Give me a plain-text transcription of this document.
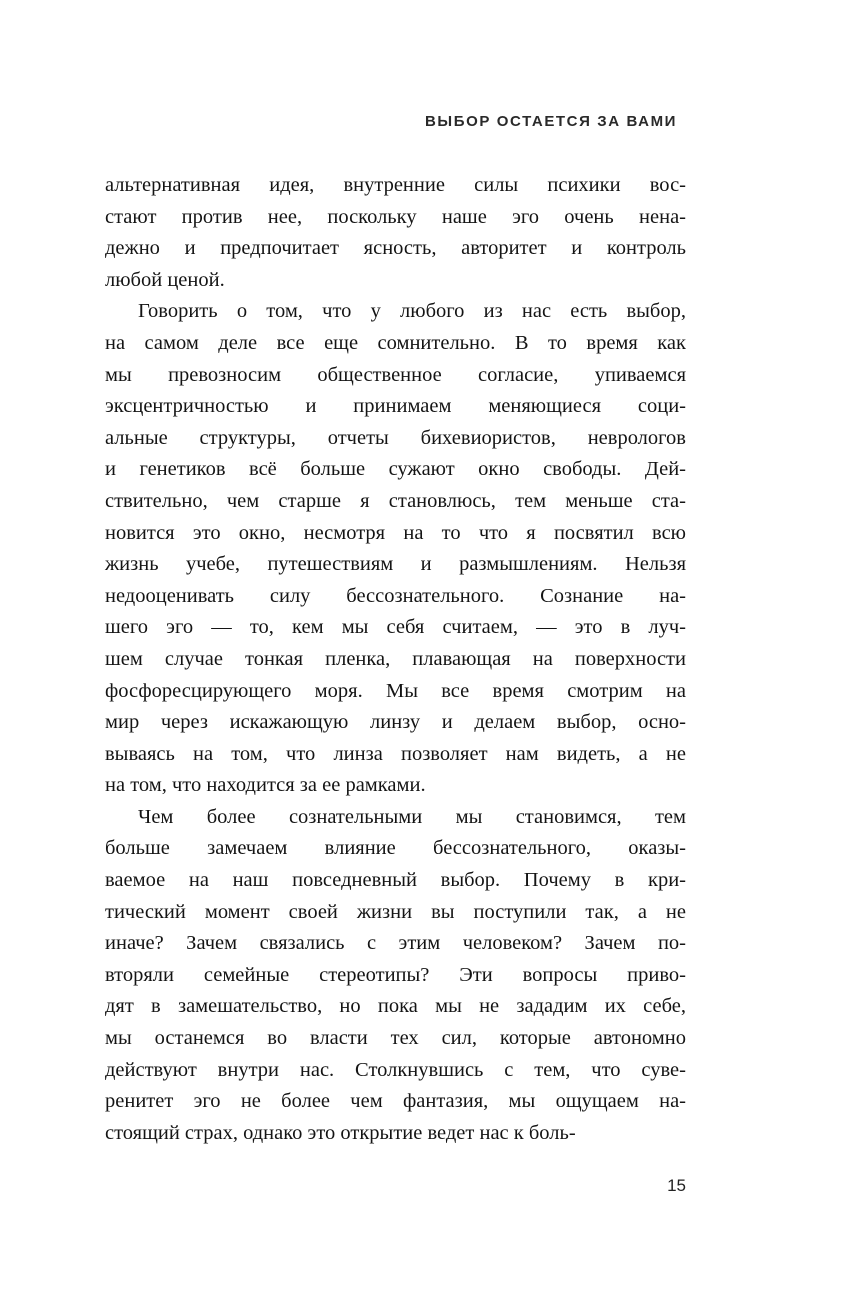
ВЫБОР ОСТАЕТСЯ ЗА ВАМИ
альтернативная идея, внутренние силы психики вос-
стают против нее, поскольку наше эго очень нена-
дежно и предпочитает ясность, авторитет и контроль
любой ценой.
Говорить о том, что у любого из нас есть выбор,
на самом деле все еще сомнительно. В то время как
мы превозносим общественное согласие, упиваемся
эксцентричностью и принимаем меняющиеся соци-
альные структуры, отчеты бихевиористов, неврологов
и генетиков всё больше сужают окно свободы. Дей-
ствительно, чем старше я становлюсь, тем меньше ста-
новится это окно, несмотря на то что я посвятил всю
жизнь учебе, путешествиям и размышлениям. Нельзя
недооценивать силу бессознательного. Сознание на-
шего эго — то, кем мы себя считаем, — это в луч-
шем случае тонкая пленка, плавающая на поверхности
фосфоресцирующего моря. Мы все время смотрим на
мир через искажающую линзу и делаем выбор, осно-
вываясь на том, что линза позволяет нам видеть, а не
на том, что находится за ее рамками.
Чем более сознательными мы становимся, тем
больше замечаем влияние бессознательного, оказы-
ваемое на наш повседневный выбор. Почему в кри-
тический момент своей жизни вы поступили так, а не
иначе? Зачем связались с этим человеком? Зачем по-
вторяли семейные стереотипы? Эти вопросы приво-
дят в замешательство, но пока мы не зададим их себе,
мы останемся во власти тех сил, которые автономно
действуют внутри нас. Столкнувшись с тем, что суве-
ренитет эго не более чем фантазия, мы ощущаем на-
стоящий страх, однако это открытие ведет нас к боль-
15
